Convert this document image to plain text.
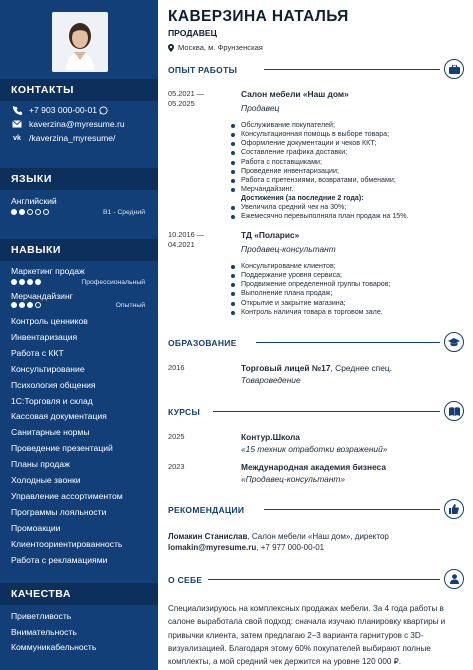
КОНТАКТЫ
+7 903 000-00-01
kaverzina@myresume.ru
vk /kaverzina_myresume/
ЯЗЫКИ
Английский
B1 - Средний
НАВЫКИ
Маркетинг продаж
Профессиональный
Мерчандайзинг
Опытный
Контроль ценников
Инвентаризация
Работа с ККТ
Консультирование
Психология общения
1С:Торговля и склад
Кассовая документация
Санитарные нормы
Проведение презентаций
Планы продаж
Холодные звонки
Управление ассортиментом
Программы лояльности
Промоакции
Клиентоориентированность
Работа с рекламациями
КАЧЕСТВА
Приветливость
Внимательность
Коммуникабельность
КАВЕРЗИНА НАТАЛЬЯ
ПРОДАВЕЦ
Москва, м. Фрунзенская
ОПЫТ РАБОТЫ
05.2021 —
05.2025
Салон мебели «Наш дом»
Продавец
Обслуживание покупателей;
Консультационная помощь в выборе товара;
Оформление документации и чеков ККТ;
Составление графика доставки;
Работа с поставщиками;
Проведение инвентаризации;
Работа с претензиями, возвратами, обменами;
Мерчандайзинг.
Достижения (за последние 2 года):
Увеличила средний чек на 30%;
Ежемесячно перевыполняла план продаж на 15%.
10.2016 —
04.2021
ТД «Поларис»
Продавец-консультант
Консультирование клиентов;
Поддержание уровня сервиса;
Продвижение определенной группы товаров;
Выполнение плана продаж;
Открытие и закрытие магазина;
Контроль наличия товара в торговом зале.
ОБРАЗОВАНИЕ
2016	Торговый лицей №17, Среднее спец.
Товароведение
КУРСЫ
2025	Контур.Школа
«15 техник отработки возражений»
2023	Международная академия бизнеса
«Продавец-консультант»
РЕКОМЕНДАЦИИ
Ломакин Станислав, Салон мебели «Наш дом», директор
lomakin@myresume.ru, +7 977 000-00-01
О СЕБЕ
Специализируюсь на комплексных продажах мебели. За 4 года работы в салоне выработала свой подход: сначала изучаю планировку квартиры и привычки клиента, затем предлагаю 2–3 варианта гарнитуров с 3D-визуализацией. Благодаря этому 60% покупателей выбирают полные комплекты, а мой средний чек держится на уровне 120 000 ₽.
